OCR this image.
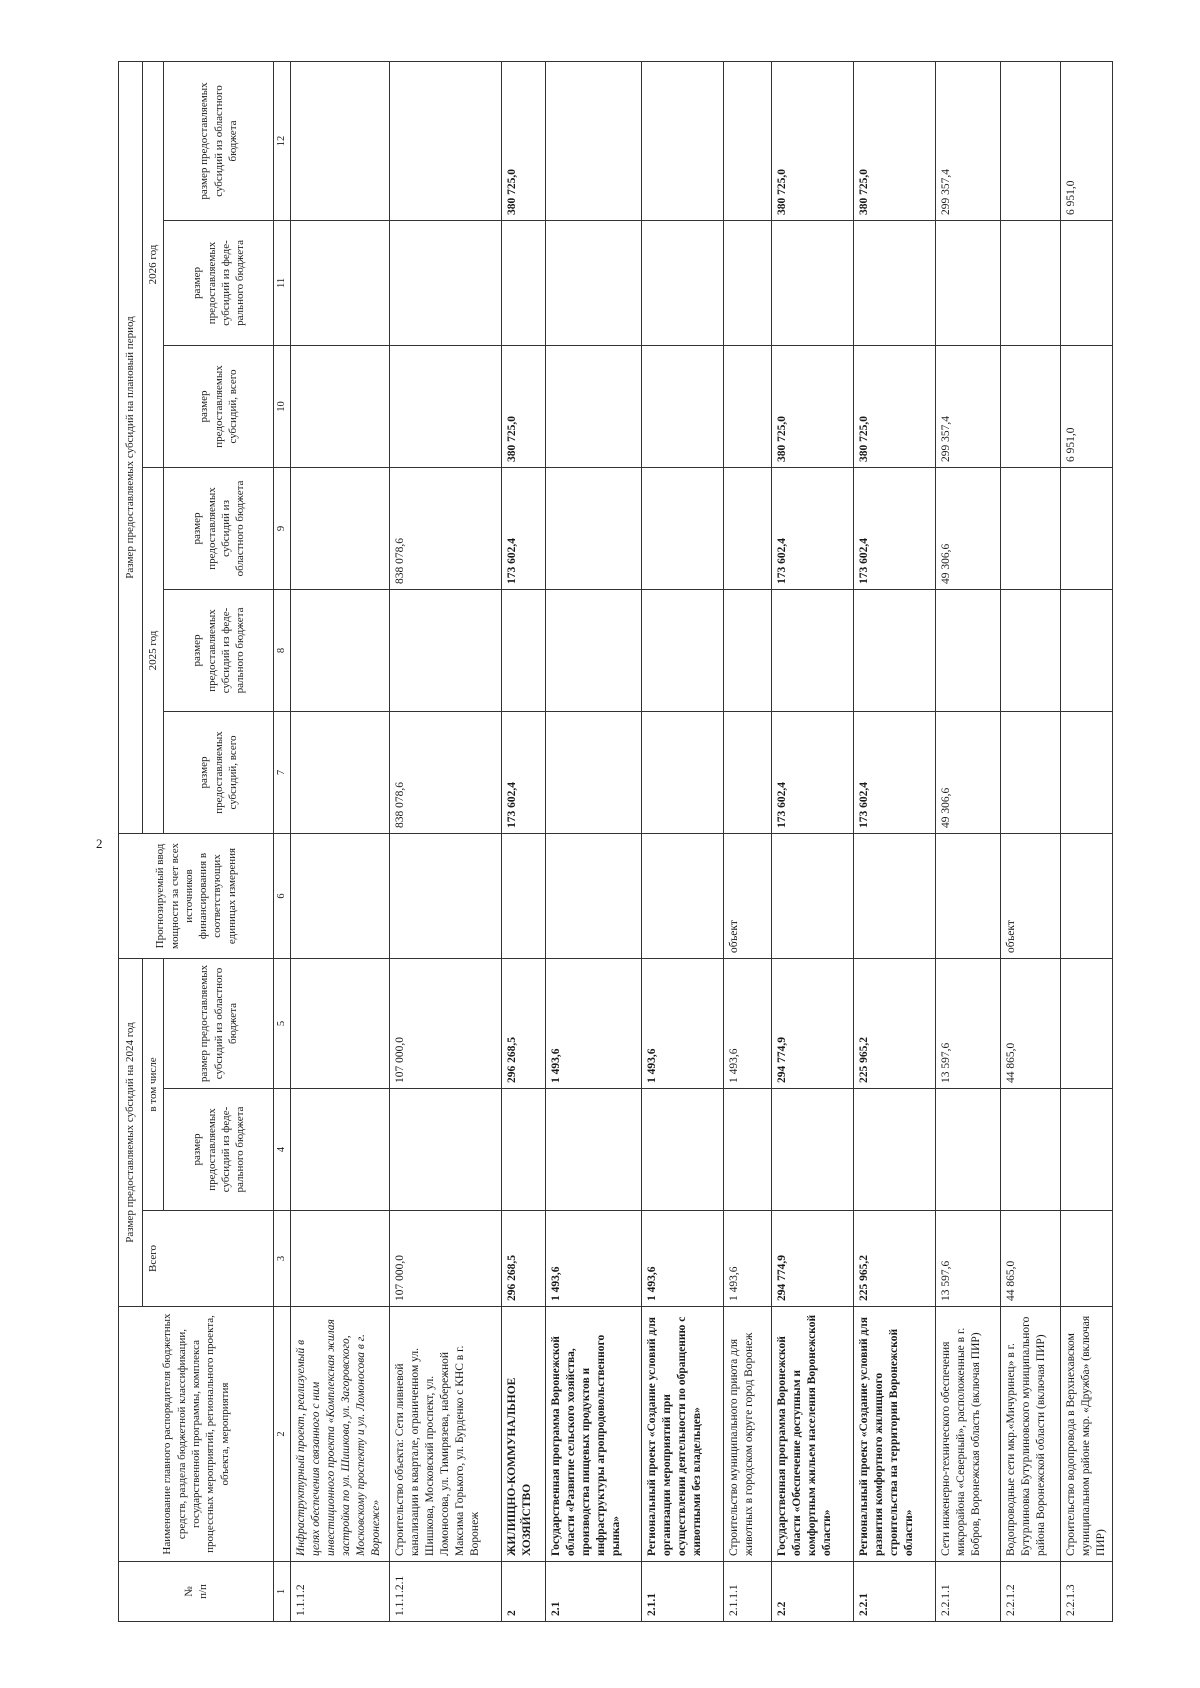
2
№
п/п	Наименование главного распорядителя бюджетных средств, раздела бюджетной классификации, государственной программы, комплекса процессных мероприятий, регионального проекта, объекта, мероприятия	Размер предоставляемых субсидий на 2024 год			Прогнозируемый ввод мощности за счет всех источников финансирования в соответствующих единицах измерения	Размер предоставляемых субсидий на плановый период					
		Всего	в том числе			2025 год			2026 год		
			размер предоставляемых субсидий из феде-рального бюджета	размер предоставляемых субсидий из областного бюджета		размер предоставляемых субсидий, всего	размер предоставляемых субсидий из феде-рального бюджета	размер предоставляемых субсидий из областного бюджета	размер предоставляемых субсидий, всего	размер предоставляемых субсидий из феде-рального бюджета	размер предоставляемых субсидий из областного бюджета
1	2	3	4	5	6	7	8	9	10	11	12
1.1.1.2	Инфраструктурный проект, реализуемый в целях обеспечения связанного с ним инвестиционного проекта «Комплексная жилая застройка по ул. Шишкова, ул. Загоровского, Московскому проспекту и ул. Ломоносова в г. Воронеже»										
1.1.1.2.1	Строительство объекта: Сети ливневой канализации в квартале, ограниченном ул. Шишкова, Московский проспект, ул. Ломоносова, ул. Тимирязева, набережной Максима Горького, ул. Бурденко с КНС в г. Воронеж	107 000,0		107 000,0		838 078,6		838 078,6			
2	ЖИЛИЩНО-КОММУНАЛЬНОЕ ХОЗЯЙСТВО	296 268,5		296 268,5		173 602,4		173 602,4	380 725,0		380 725,0
2.1	Государственная программа Воронежской области «Развитие сельского хозяйства, производства пищевых продуктов и инфраструктуры агропродовольственного рынка»	1 493,6		1 493,6							
2.1.1	Региональный проект «Создание условий для организации мероприятий при осуществлении деятельности по обращению с животными без владельцев»	1 493,6		1 493,6							
2.1.1.1	Строительство муниципального приюта для животных в городском округе город Воронеж	1 493,6		1 493,6	объект						
2.2	Государственная программа Воронежской области «Обеспечение доступным и комфортным жильем населения Воронежской области»	294 774,9		294 774,9		173 602,4		173 602,4	380 725,0		380 725,0
2.2.1	Региональный проект «Создание условий для развития комфортного жилищного строительства на территории Воронежской области»	225 965,2		225 965,2		173 602,4		173 602,4	380 725,0		380 725,0
2.2.1.1	Сети инженерно-технического обеспечения микрорайона «Северный», расположенные в г. Бобров, Воронежская область (включая ПИР)	13 597,6		13 597,6		49 306,6		49 306,6	299 357,4		299 357,4
2.2.1.2	Водопроводные сети мкр.«Мичуринец» в г. Бутурлиновка Бутурлиновского муниципального района Воронежской области (включая ПИР)	44 865,0		44 865,0	объект						
2.2.1.3	Строительство водопровода в Верхнехавском муниципальном районе мкр. «Дружба» (включая ПИР)								6 951,0		6 951,0
